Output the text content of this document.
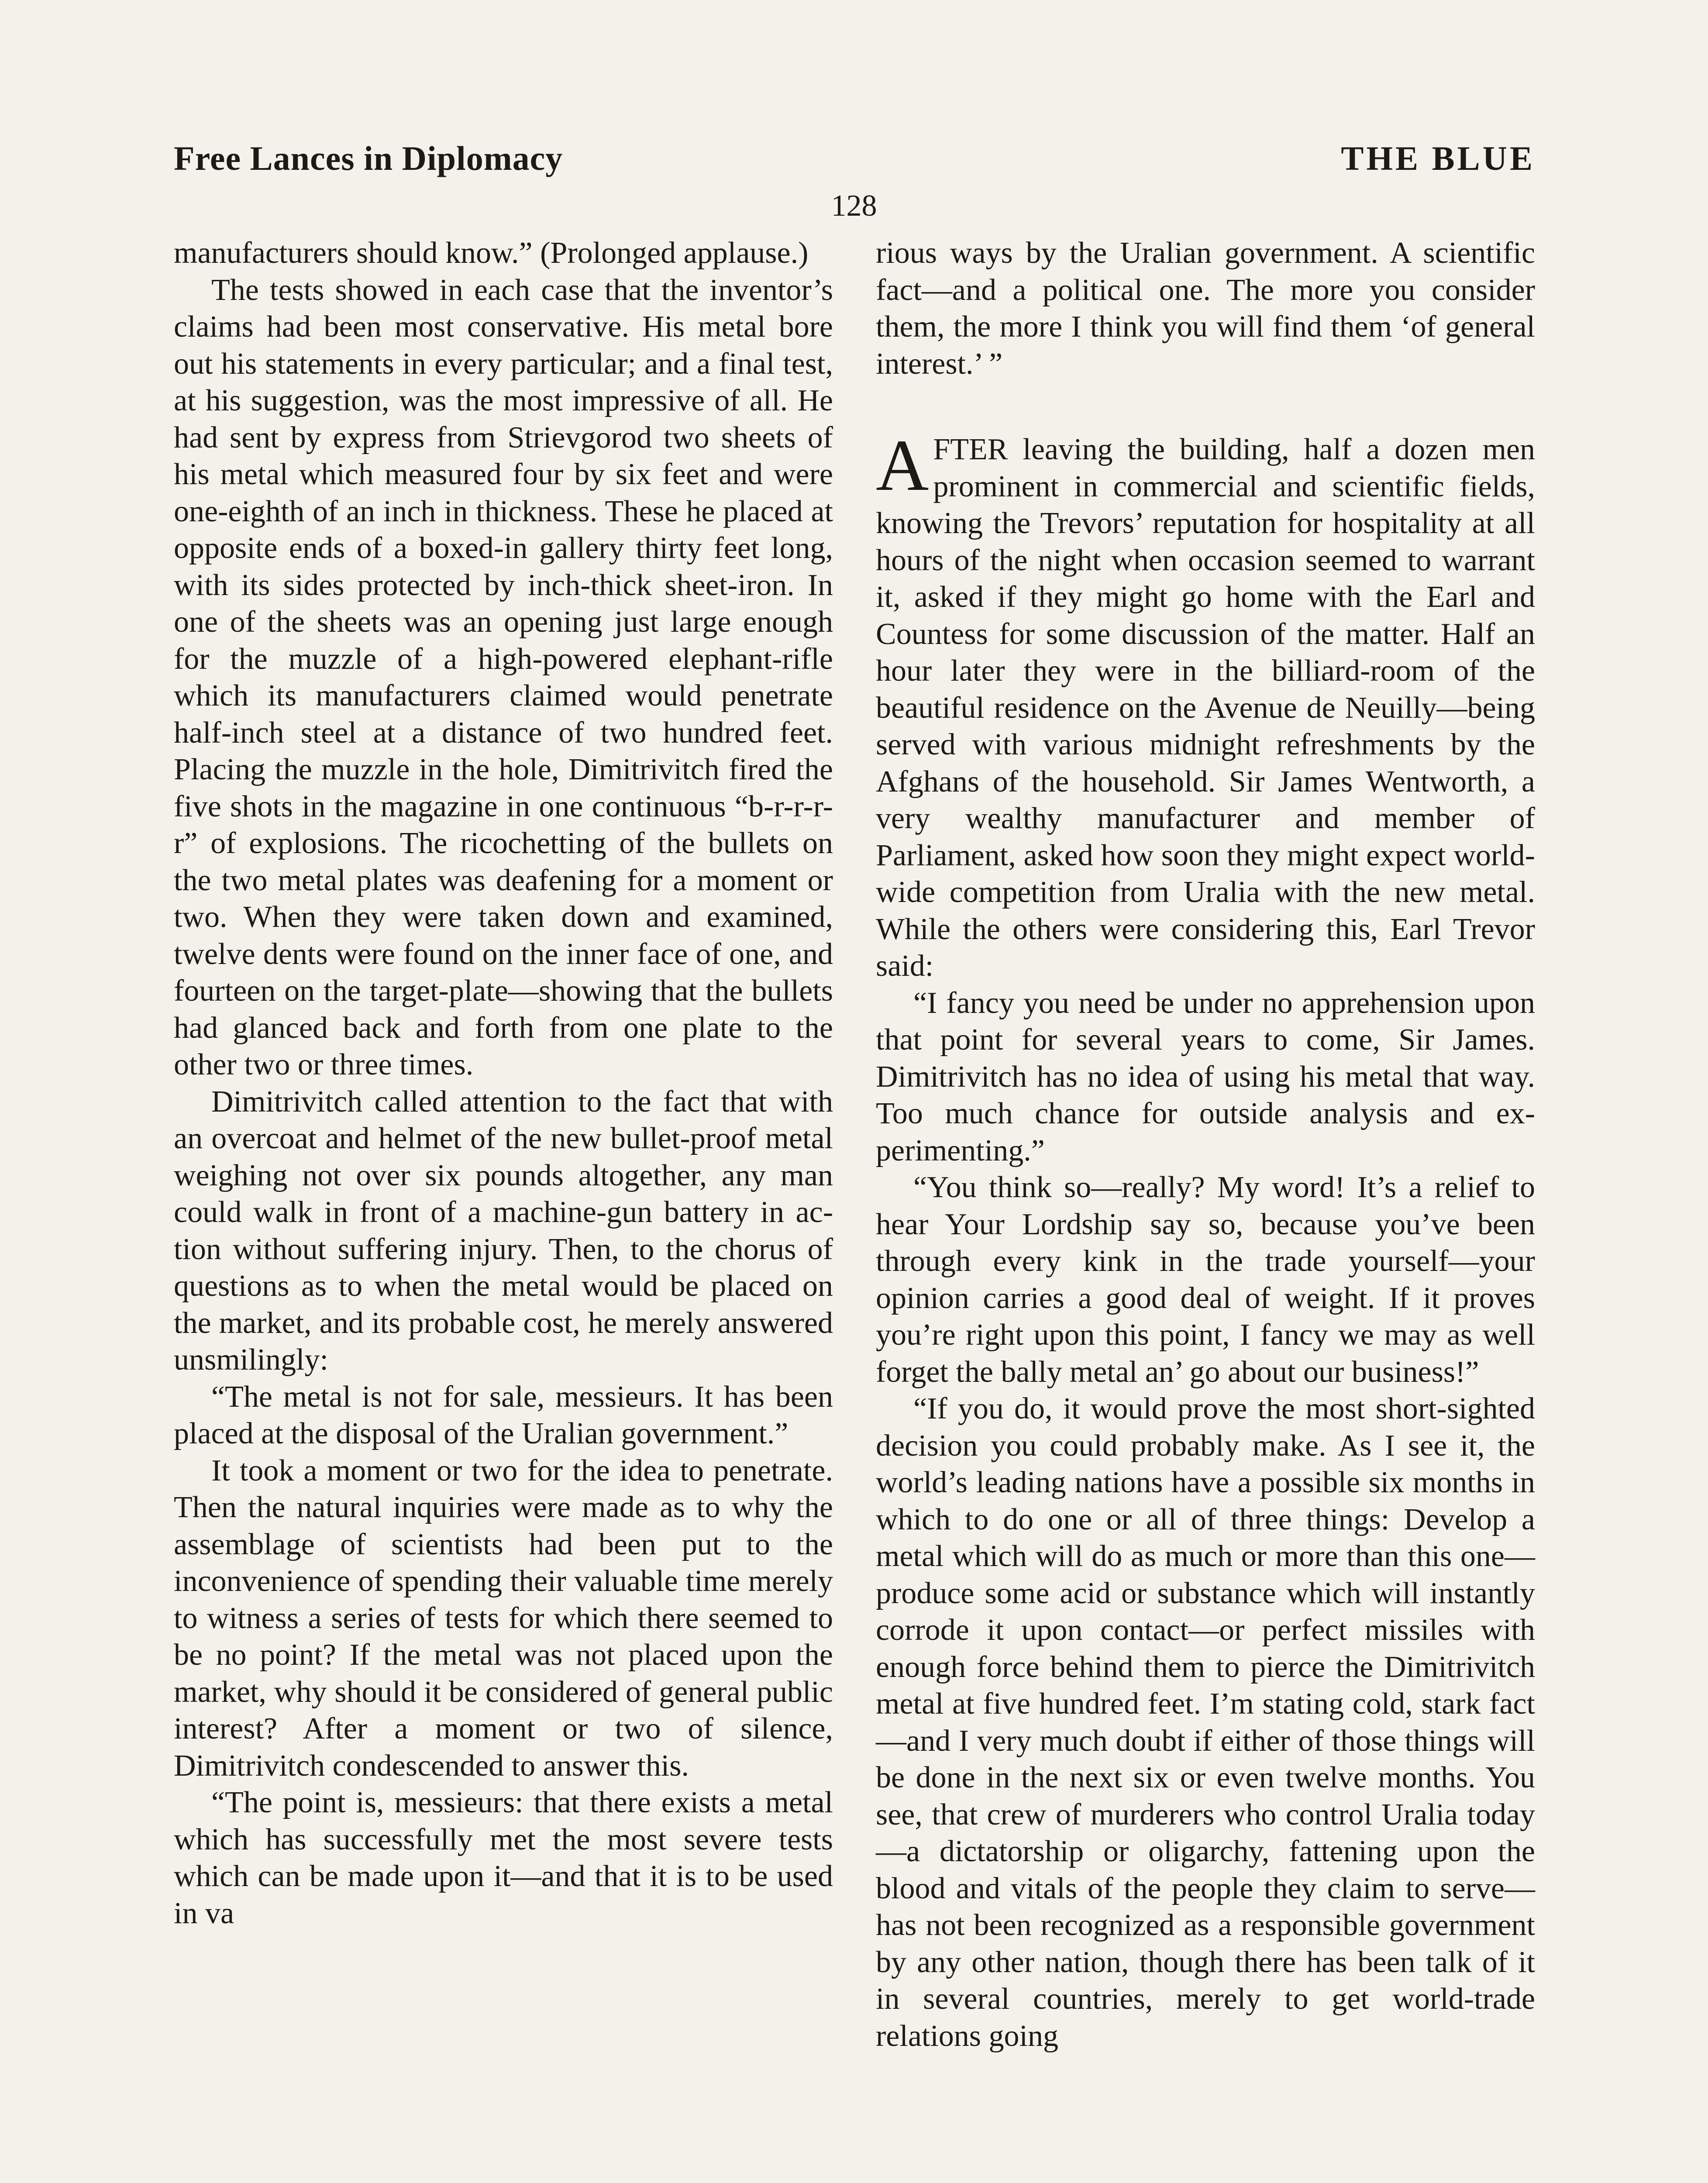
Free Lances in Diplomacy	THE BLUE
128

manufacturers should know.” (Prolonged applause.)

The tests showed in each case that the inventor’s claims had been most conservative. His metal bore out his statements in every particular; and a final test, at his suggestion, was the most impressive of all. He had sent by express from Strievgorod two sheets of his metal which measured four by six feet and were one-eighth of an inch in thickness. These he placed at opposite ends of a boxed-in gallery thirty feet long, with its sides protected by inch-thick sheet-iron. In one of the sheets was an opening just large enough for the muzzle of a high-powered elephant-rifle which its manufacturers claimed would penetrate half-inch steel at a distance of two hundred feet. Placing the muzzle in the hole, Dimitrivitch fired the five shots in the magazine in one continuous “b-r-r-r-r” of explosions. The ricochetting of the bullets on the two metal plates was deafening for a moment or two. When they were taken down and examined, twelve dents were found on the inner face of one, and fourteen on the target-plate—showing that the bullets had glanced back and forth from one plate to the other two or three times.

Dimitrivitch called attention to the fact that with an overcoat and helmet of the new bullet-proof metal weighing not over six pounds altogether, any man could walk in front of a machine-gun battery in action without suffering injury. Then, to the chorus of questions as to when the metal would be placed on the market, and its probable cost, he merely answered unsmilingly:

“The metal is not for sale, messieurs. It has been placed at the disposal of the Uralian government.”

It took a moment or two for the idea to penetrate. Then the natural inquiries were made as to why the assemblage of scientists had been put to the inconvenience of spending their valuable time merely to witness a series of tests for which there seemed to be no point? If the metal was not placed upon the market, why should it be considered of general public interest? After a moment or two of silence, Dimitrivitch condescended to answer this.

“The point is, messieurs: that there exists a metal which has successfully met the most severe tests which can be made upon it—and that it is to be used in va

rious ways by the Uralian government. A scientific fact—and a political one. The more you consider them, the more I think you will find them ‘of general interest.’ ”

AFTER leaving the building, half a dozen men prominent in commercial and scientific fields, knowing the Trevors’ reputation for hospitality at all hours of the night when occasion seemed to warrant it, asked if they might go home with the Earl and Countess for some discussion of the matter. Half an hour later they were in the billiard-room of the beautiful residence on the Avenue de Neuilly—being served with various midnight refreshments by the Afghans of the household. Sir James Wentworth, a very wealthy manufacturer and member of Parliament, asked how soon they might expect world-wide competition from Uralia with the new metal. While the others were considering this, Earl Trevor said:

“I fancy you need be under no apprehension upon that point for several years to come, Sir James. Dimitrivitch has no idea of using his metal that way. Too much chance for outside analysis and experimenting.”

“You think so—really? My word! It’s a relief to hear Your Lordship say so, because you’ve been through every kink in the trade yourself—your opinion carries a good deal of weight. If it proves you’re right upon this point, I fancy we may as well forget the bally metal an’ go about our business!”

“If you do, it would prove the most short-sighted decision you could probably make. As I see it, the world’s leading nations have a possible six months in which to do one or all of three things: Develop a metal which will do as much or more than this one—produce some acid or substance which will instantly corrode it upon contact—or perfect missiles with enough force behind them to pierce the Dimitrivitch metal at five hundred feet. I’m stating cold, stark fact—and I very much doubt if either of those things will be done in the next six or even twelve months. You see, that crew of murderers who control Uralia today—a dictatorship or oligarchy, fattening upon the blood and vitals of the people they claim to serve—has not been recognized as a responsible government by any other nation, though there has been talk of it in several countries, merely to get world-trade relations going
